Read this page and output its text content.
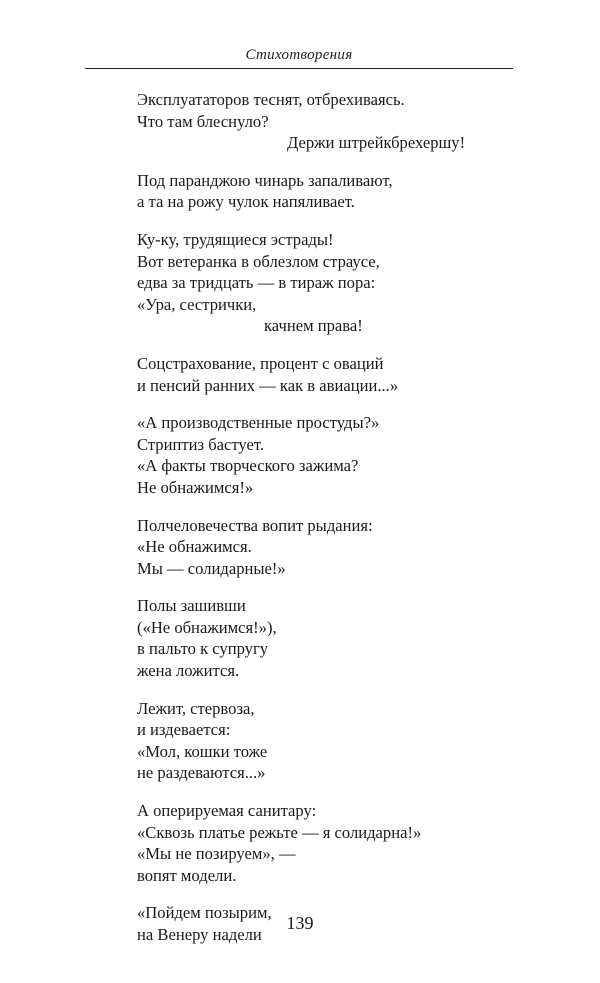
Стихотворения
Эксплуататоров теснят, отбрехиваясь.
Что там блеснуло?
Держи штрейкбрехершу!
Под паранджою чинарь запаливают,
а та на рожу чулок напяливает.
Ку-ку, трудящиеся эстрады!
Вот ветеранка в облезлом страусе,
едва за тридцать — в тираж пора:
«Ура, сестрички,
качнем права!
Соцстрахование, процент с оваций
и пенсий ранних — как в авиации...»
«А производственные простуды?»
Стриптиз бастует.
«А факты творческого зажима?
Не обнажимся!»
Полчеловечества вопит рыдания:
«Не обнажимся.
Мы — солидарные!»
Полы зашивши
(«Не обнажимся!»),
в пальто к супругу
жена ложится.
Лежит, стервоза,
и издевается:
«Мол, кошки тоже
не раздеваются...»
А оперируемая санитару:
«Сквозь платье режьте — я солидарна!»
«Мы не позируем», —
вопят модели.
«Пойдем позырим,
на Венеру надели
139
